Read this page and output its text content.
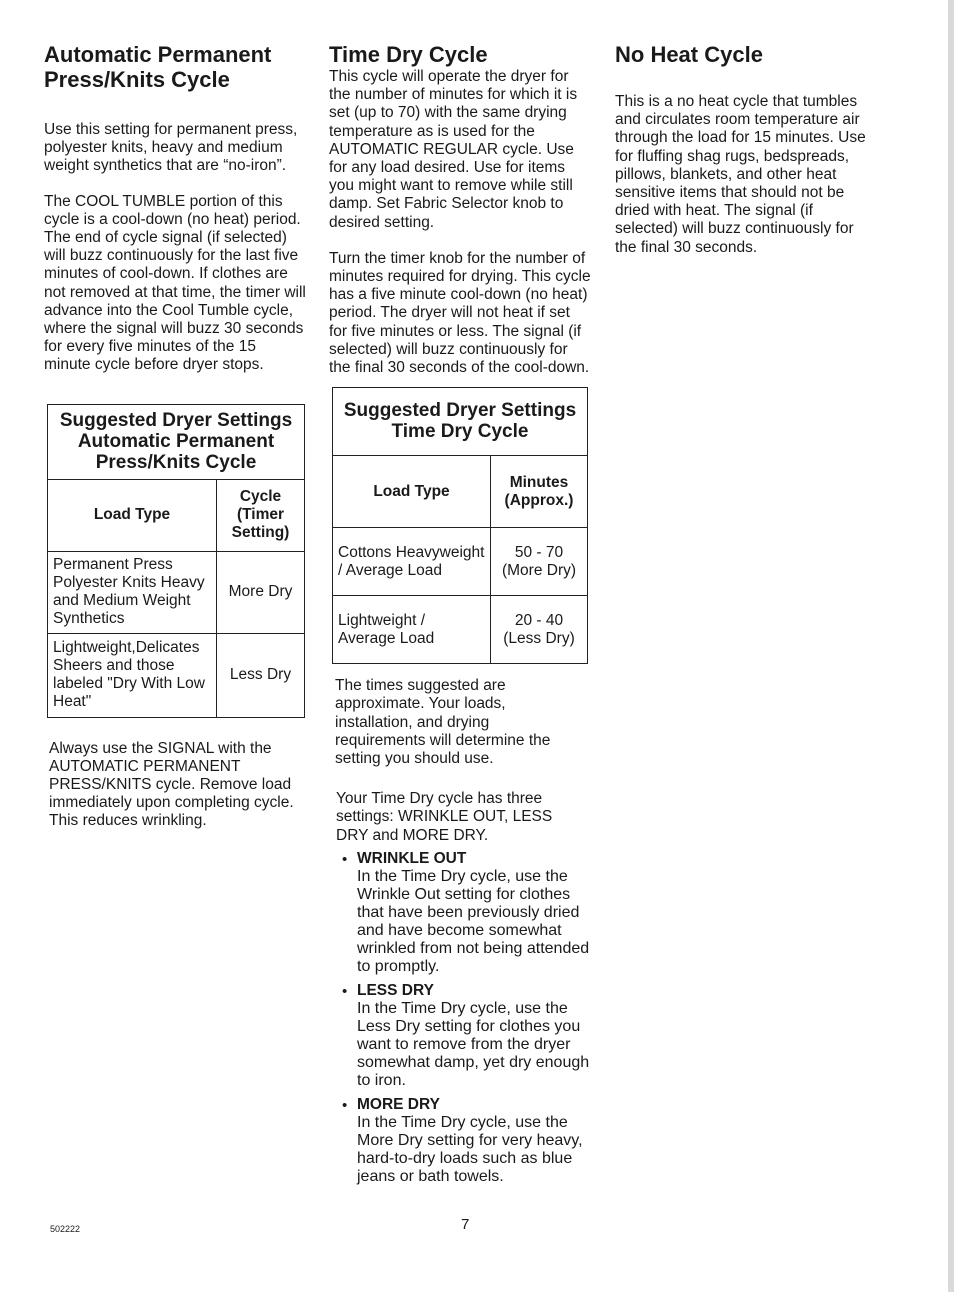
Automatic Permanent Press/Knits Cycle

Use this setting for permanent press, polyester knits, heavy and medium weight synthetics that are “no-iron”.

The COOL TUMBLE portion of this cycle is a cool-down (no heat) period. The end of cycle signal (if selected) will buzz continuously for the last five minutes of cool-down. If clothes are not removed at that time, the timer will advance into the Cool Tumble cycle, where the signal will buzz 30 seconds for every five minutes of the 15 minute cycle before dryer stops.

Suggested Dryer Settings
Automatic Permanent
Press/Knits Cycle	

Load Type	Cycle (Timer Setting)
Permanent Press Polyester Knits Heavy and Medium Weight Synthetics	More Dry
Lightweight,Delicates Sheers and those labeled "Dry With Low Heat"	Less Dry

Always use the SIGNAL with the AUTOMATIC PERMANENT PRESS/KNITS cycle. Remove load immediately upon completing cycle. This reduces wrinkling.

Time Dry Cycle

This cycle will operate the dryer for the number of minutes for which it is set (up to 70) with the same drying temperature as is used for the AUTOMATIC REGULAR cycle. Use for any load desired. Use for items you might want to remove while still damp. Set Fabric Selector knob to desired setting.

Turn the timer knob for the number of minutes required for drying. This cycle has a five minute cool-down (no heat) period. The dryer will not heat if set for five minutes or less. The signal (if selected) will buzz continuously for the final 30 seconds of the cool-down.

Suggested Dryer Settings
Time Dry Cycle	

Load Type	Minutes (Approx.)
Cottons Heavyweight / Average Load	50 - 70
(More Dry)

Lightweight / Average Load	20 - 40
(Less Dry)

The times suggested are approximate. Your loads, installation, and drying requirements will determine the setting you should use.

Your Time Dry cycle has three settings: WRINKLE OUT, LESS DRY and MORE DRY.

• WRINKLE OUT
In the Time Dry cycle, use the Wrinkle Out setting for clothes that have been previously dried and have become somewhat wrinkled from not being attended to promptly.
• LESS DRY
In the Time Dry cycle, use the Less Dry setting for clothes you want to remove from the dryer somewhat damp, yet dry enough to iron.
• MORE DRY
In the Time Dry cycle, use the More Dry setting for very heavy, hard-to-dry loads such as blue jeans or bath towels.
No Heat Cycle

This is a no heat cycle that tumbles and circulates room temperature air through the load for 15 minutes. Use for fluffing shag rugs, bedspreads, pillows, blankets, and other heat sensitive items that should not be dried with heat. The signal (if selected) will buzz continuously for the final 30 seconds.

502222	7
